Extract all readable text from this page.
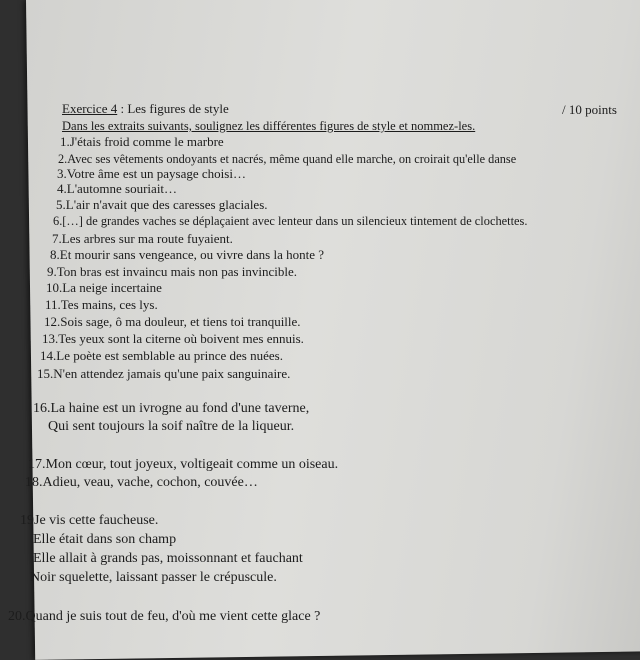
Exercice 4 : Les figures de style	/ 10 points
Dans les extraits suivants, soulignez les différentes figures de style et nommez-les.
1.J'étais froid comme le marbre
2.Avec ses vêtements ondoyants et nacrés, même quand elle marche, on croirait qu'elle danse
3.Votre âme est un paysage choisi…
4.L'automne souriait…
5.L'air n'avait que des caresses glaciales.
6.[…] de grandes vaches se déplaçaient avec lenteur dans un silencieux tintement de clochettes.
7.Les arbres sur ma route fuyaient.
8.Et mourir sans vengeance, ou vivre dans la honte ?
9.Ton bras est invaincu mais non pas invincible.
10.La neige incertaine
11.Tes mains, ces lys.
12.Sois sage, ô ma douleur, et tiens toi tranquille.
13.Tes yeux sont la citerne où boivent mes ennuis.
14.Le poète est semblable au prince des nuées.
15.N'en attendez jamais qu'une paix sanguinaire.
16.La haine est un ivrogne au fond d'une taverne,
Qui sent toujours la soif naître de la liqueur.
17.Mon cœur, tout joyeux, voltigeait comme un oiseau.
18.Adieu, veau, vache, cochon, couvée…
19Je vis cette faucheuse.
Elle était dans son champ
Elle allait à grands pas, moissonnant et fauchant
Noir squelette, laissant passer le crépuscule.
20.Quand je suis tout de feu, d'où me vient cette glace ?
